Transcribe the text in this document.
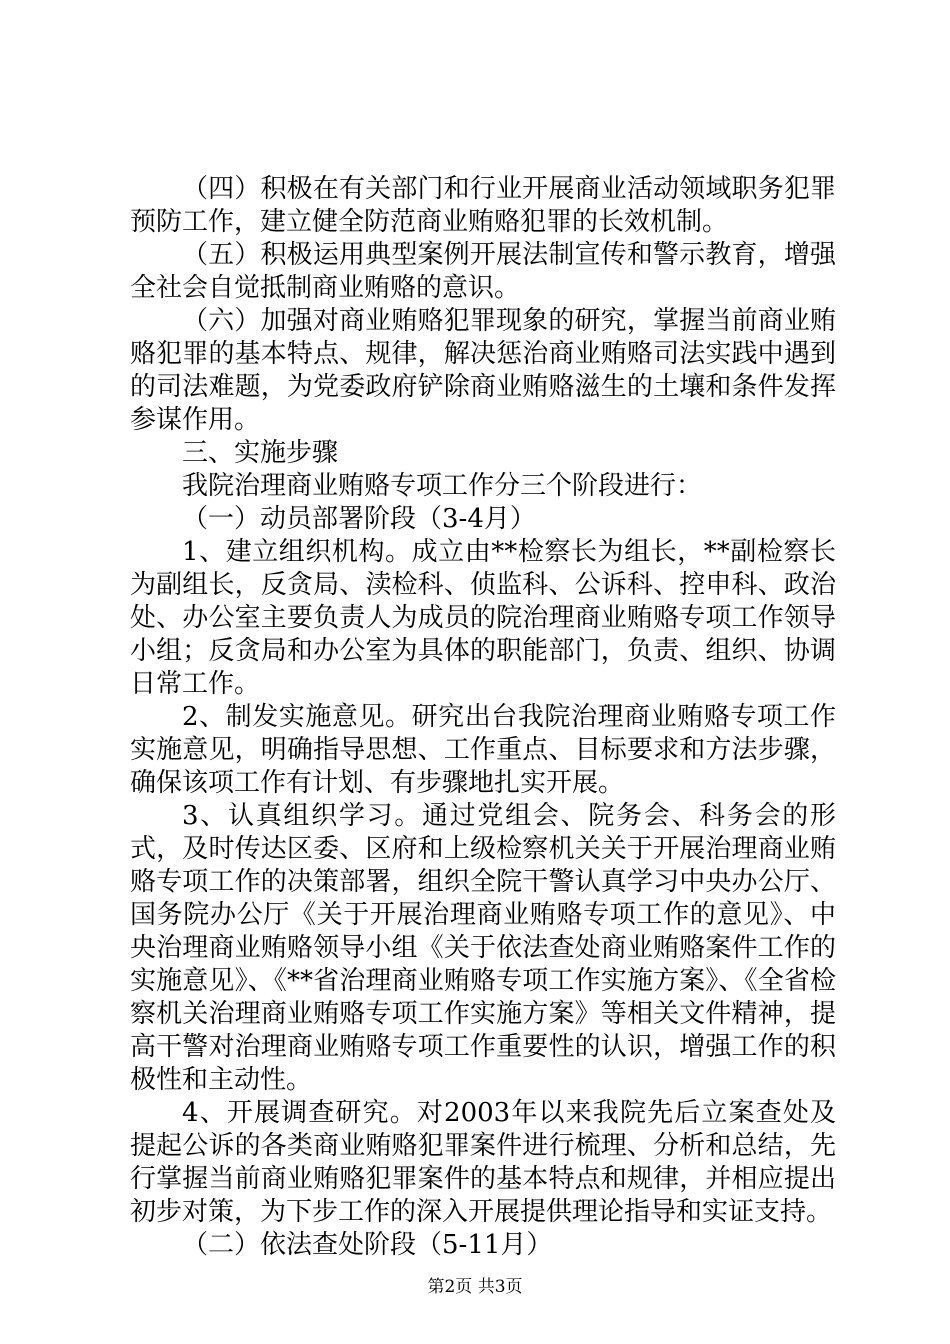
（四）积极在有关部门和行业开展商业活动领域职务犯罪预防工作，建立健全防范商业贿赂犯罪的长效机制。

（五）积极运用典型案例开展法制宣传和警示教育，增强全社会自觉抵制商业贿赂的意识。

（六）加强对商业贿赂犯罪现象的研究，掌握当前商业贿赂犯罪的基本特点、规律，解决惩治商业贿赂司法实践中遇到的司法难题，为党委政府铲除商业贿赂滋生的土壤和条件发挥参谋作用。

三、实施步骤

我院治理商业贿赂专项工作分三个阶段进行：

（一）动员部署阶段（3-4月）

1、建立组织机构。成立由**检察长为组长，**副检察长为副组长，反贪局、渎检科、侦监科、公诉科、控申科、政治处、办公室主要负责人为成员的院治理商业贿赂专项工作领导小组；反贪局和办公室为具体的职能部门，负责、组织、协调日常工作。

2、制发实施意见。研究出台我院治理商业贿赂专项工作实施意见，明确指导思想、工作重点、目标要求和方法步骤，确保该项工作有计划、有步骤地扎实开展。

3、认真组织学习。通过党组会、院务会、科务会的形式，及时传达区委、区府和上级检察机关关于开展治理商业贿赂专项工作的决策部署，组织全院干警认真学习中央办公厅、国务院办公厅《关于开展治理商业贿赂专项工作的意见》、中央治理商业贿赂领导小组《关于依法查处商业贿赂案件工作的实施意见》、《**省治理商业贿赂专项工作实施方案》、《全省检察机关治理商业贿赂专项工作实施方案》等相关文件精神，提高干警对治理商业贿赂专项工作重要性的认识，增强工作的积极性和主动性。

4、开展调查研究。对2003年以来我院先后立案查处及提起公诉的各类商业贿赂犯罪案件进行梳理、分析和总结，先行掌握当前商业贿赂犯罪案件的基本特点和规律，并相应提出初步对策，为下步工作的深入开展提供理论指导和实证支持。

（二）依法查处阶段（5-11月）

第2页 共3页
